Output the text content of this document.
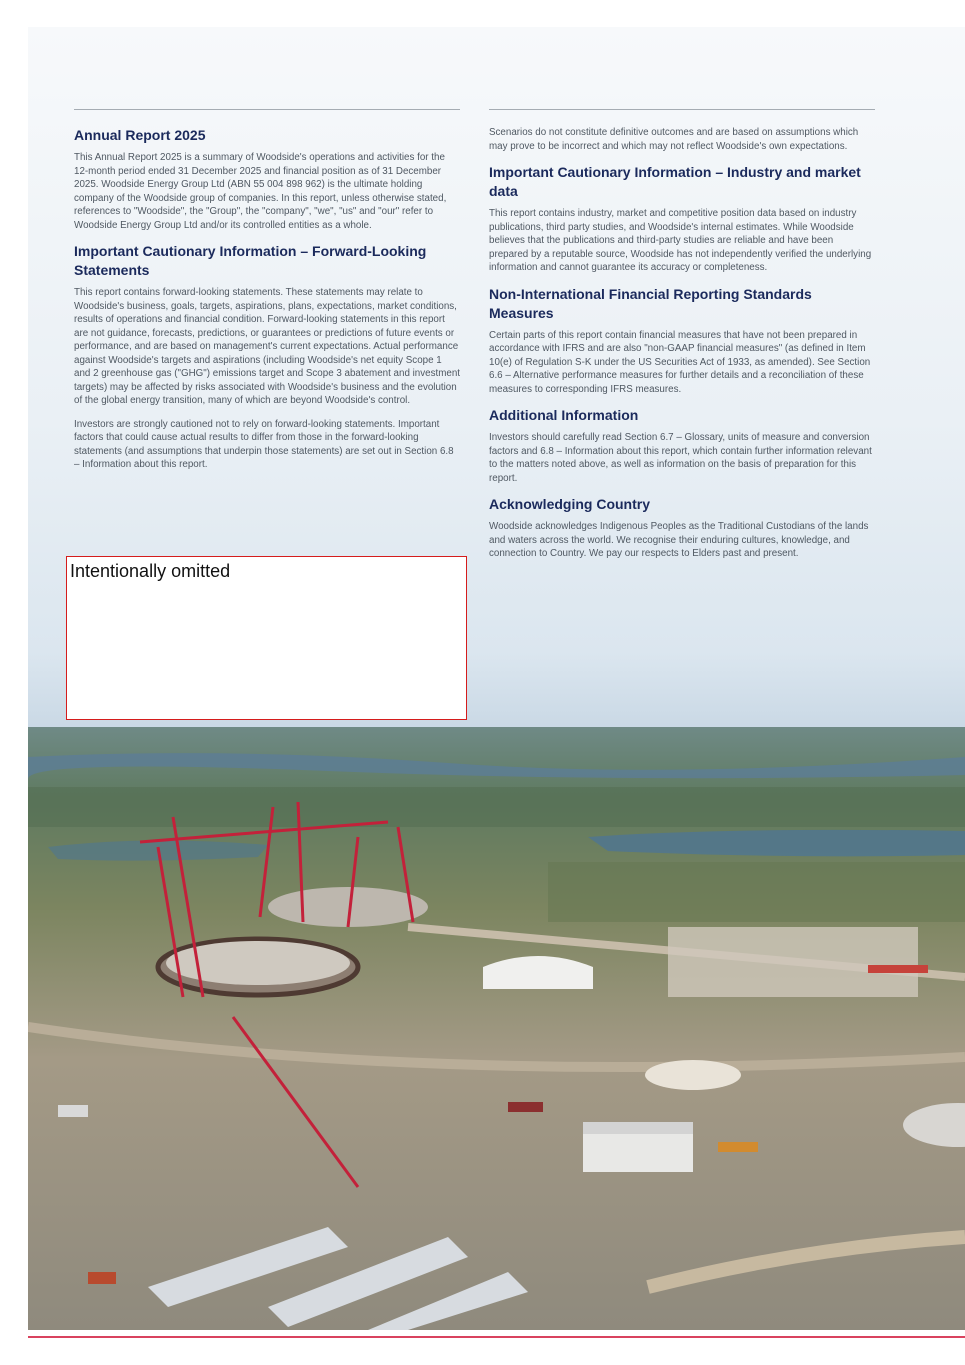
Annual Report 2025

This Annual Report 2025 is a summary of Woodside's operations and activities for the 12-month period ended 31 December 2025 and financial position as of 31 December 2025. Woodside Energy Group Ltd (ABN 55 004 898 962) is the ultimate holding company of the Woodside group of companies. In this report, unless otherwise stated, references to "Woodside", the "Group", the "company", "we", "us" and "our" refer to Woodside Energy Group Ltd and/or its controlled entities as a whole.

Important Cautionary Information – Forward-Looking Statements

This report contains forward-looking statements. These statements may relate to Woodside's business, goals, targets, aspirations, plans, expectations, market conditions, results of operations and financial condition. Forward-looking statements in this report are not guidance, forecasts, predictions, or guarantees or predictions of future events or performance, and are based on management's current expectations. Actual performance against Woodside's targets and aspirations (including Woodside's net equity Scope 1 and 2 greenhouse gas ("GHG") emissions target and Scope 3 abatement and investment targets) may be affected by risks associated with Woodside's business and the evolution of the global energy transition, many of which are beyond Woodside's control.

Investors are strongly cautioned not to rely on forward-looking statements. Important factors that could cause actual results to differ from those in the forward-looking statements (and assumptions that underpin those statements) are set out in Section 6.8 – Information about this report.

Intentionally omitted

Scenarios do not constitute definitive outcomes and are based on assumptions which may prove to be incorrect and which may not reflect Woodside's own expectations.

Important Cautionary Information – Industry and market data

This report contains industry, market and competitive position data based on industry publications, third party studies, and Woodside's internal estimates. While Woodside believes that the publications and third-party studies are reliable and have been prepared by a reputable source, Woodside has not independently verified the underlying information and cannot guarantee its accuracy or completeness.

Non-International Financial Reporting Standards Measures

Certain parts of this report contain financial measures that have not been prepared in accordance with IFRS and are also "non-GAAP financial measures" (as defined in Item 10(e) of Regulation S-K under the US Securities Act of 1933, as amended). See Section 6.6 – Alternative performance measures for further details and a reconciliation of these measures to corresponding IFRS measures.

Additional Information

Investors should carefully read Section 6.7 – Glossary, units of measure and conversion factors and 6.8 – Information about this report, which contain further information relevant to the matters noted above, as well as information on the basis of preparation for this report.

Acknowledging Country

Woodside acknowledges Indigenous Peoples as the Traditional Custodians of the lands and waters across the world. We recognise their enduring cultures, knowledge, and connection to Country. We pay our respects to Elders past and present.
